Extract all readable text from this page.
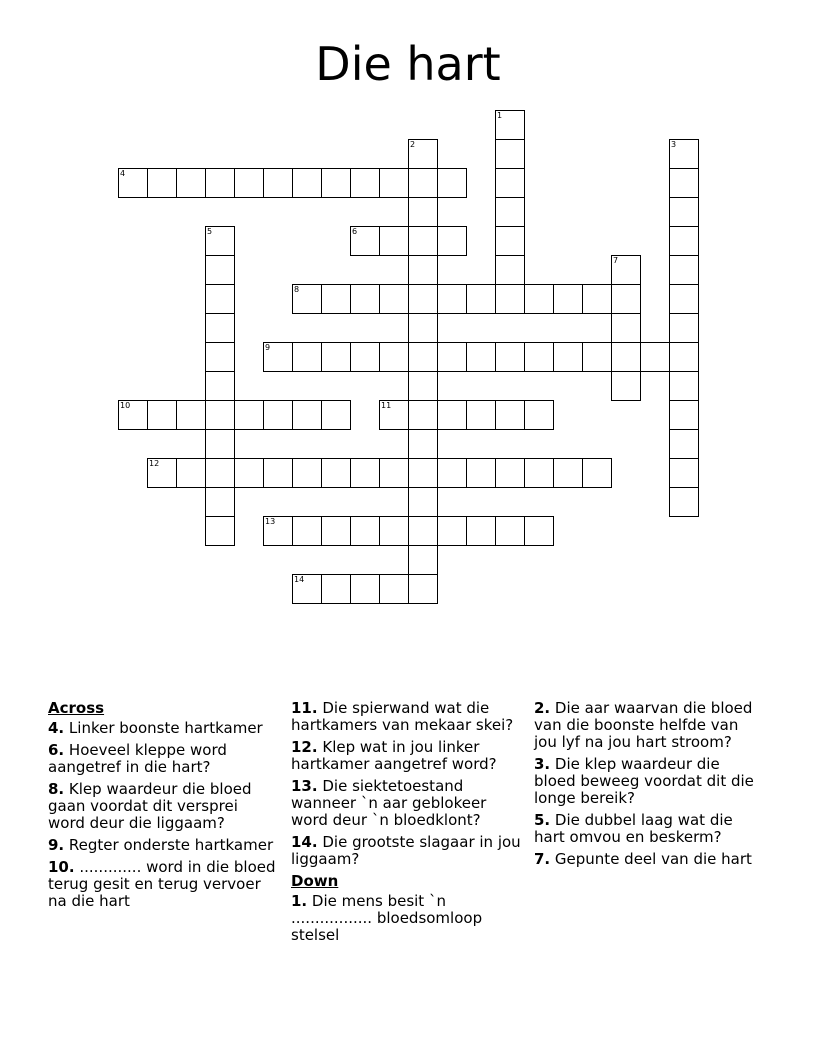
Die hart
1
2	3
4
5	6
7
8
9
10	11
12
13
14
Across
4. Linker boonste hartkamer
6. Hoeveel kleppe word aangetref in die hart?
8. Klep waardeur die bloed gaan voordat dit versprei word deur die liggaam?
9. Regter onderste hartkamer
10. ............. word in die bloed terug gesit en terug vervoer na die hart
11. Die spierwand wat die hartkamers van mekaar skei?
12. Klep wat in jou linker hartkamer aangetref word?
13. Die siektetoestand wanneer `n aar geblokeer word deur `n bloedklont?
14. Die grootste slagaar in jou liggaam?
Down
1. Die mens besit `n ................. bloedsomloop stelsel
2. Die aar waarvan die bloed van die boonste helfde van jou lyf na jou hart stroom?
3. Die klep waardeur die bloed beweeg voordat dit die longe bereik?
5. Die dubbel laag wat die hart omvou en beskerm?
7. Gepunte deel van die hart
